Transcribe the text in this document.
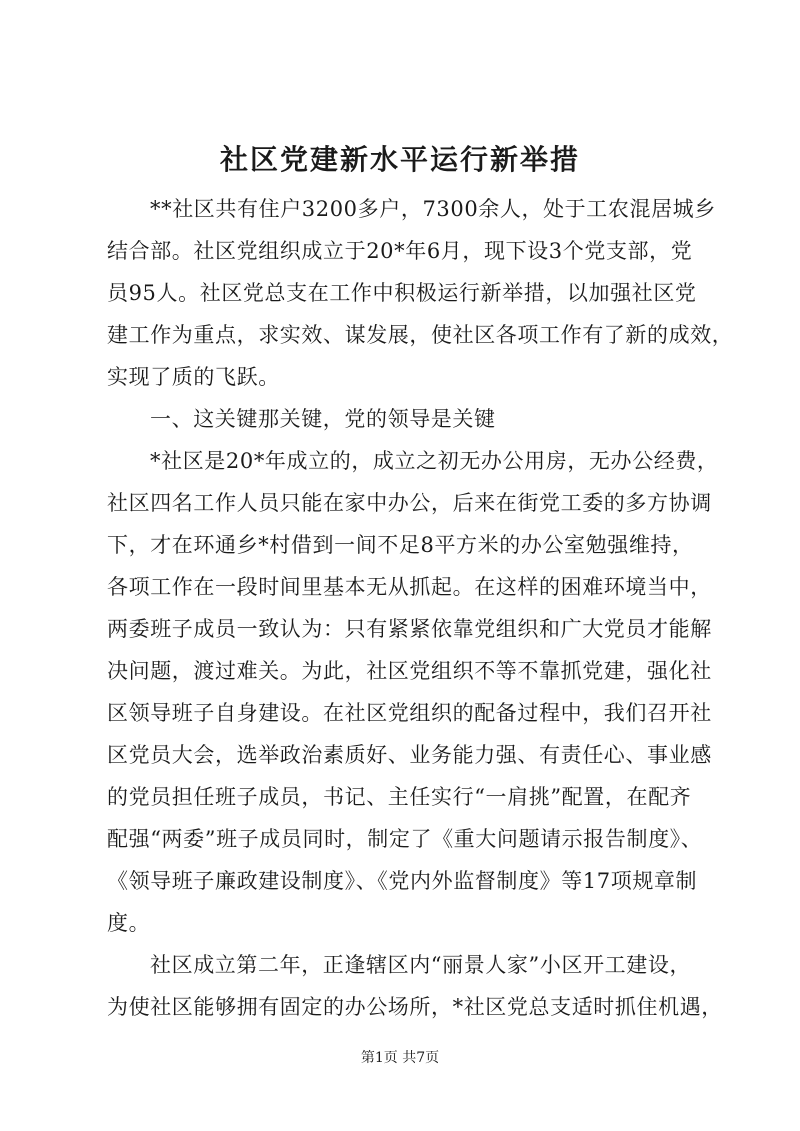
社区党建新水平运行新举措

**社区共有住户3200多户，7300余人，处于工农混居城乡

结合部。社区党组织成立于20*年6月，现下设3个党支部，党

员95人。社区党总支在工作中积极运行新举措，以加强社区党

建工作为重点，求实效、谋发展，使社区各项工作有了新的成效，

实现了质的飞跃。

一、这关键那关键，党的领导是关键

*社区是20*年成立的，成立之初无办公用房，无办公经费，

社区四名工作人员只能在家中办公，后来在街党工委的多方协调

下，才在环通乡*村借到一间不足8平方米的办公室勉强维持，

各项工作在一段时间里基本无从抓起。在这样的困难环境当中，

两委班子成员一致认为：只有紧紧依靠党组织和广大党员才能解

决问题，渡过难关。为此，社区党组织不等不靠抓党建，强化社

区领导班子自身建设。在社区党组织的配备过程中，我们召开社

区党员大会，选举政治素质好、业务能力强、有责任心、事业感

的党员担任班子成员，书记、主任实行“一肩挑”配置，在配齐

配强“两委”班子成员同时，制定了《重大问题请示报告制度》、

《领导班子廉政建设制度》、《党内外监督制度》等17项规章制

度。

社区成立第二年，正逢辖区内“丽景人家”小区开工建设，

为使社区能够拥有固定的办公场所，*社区党总支适时抓住机遇，

第1页 共7页
